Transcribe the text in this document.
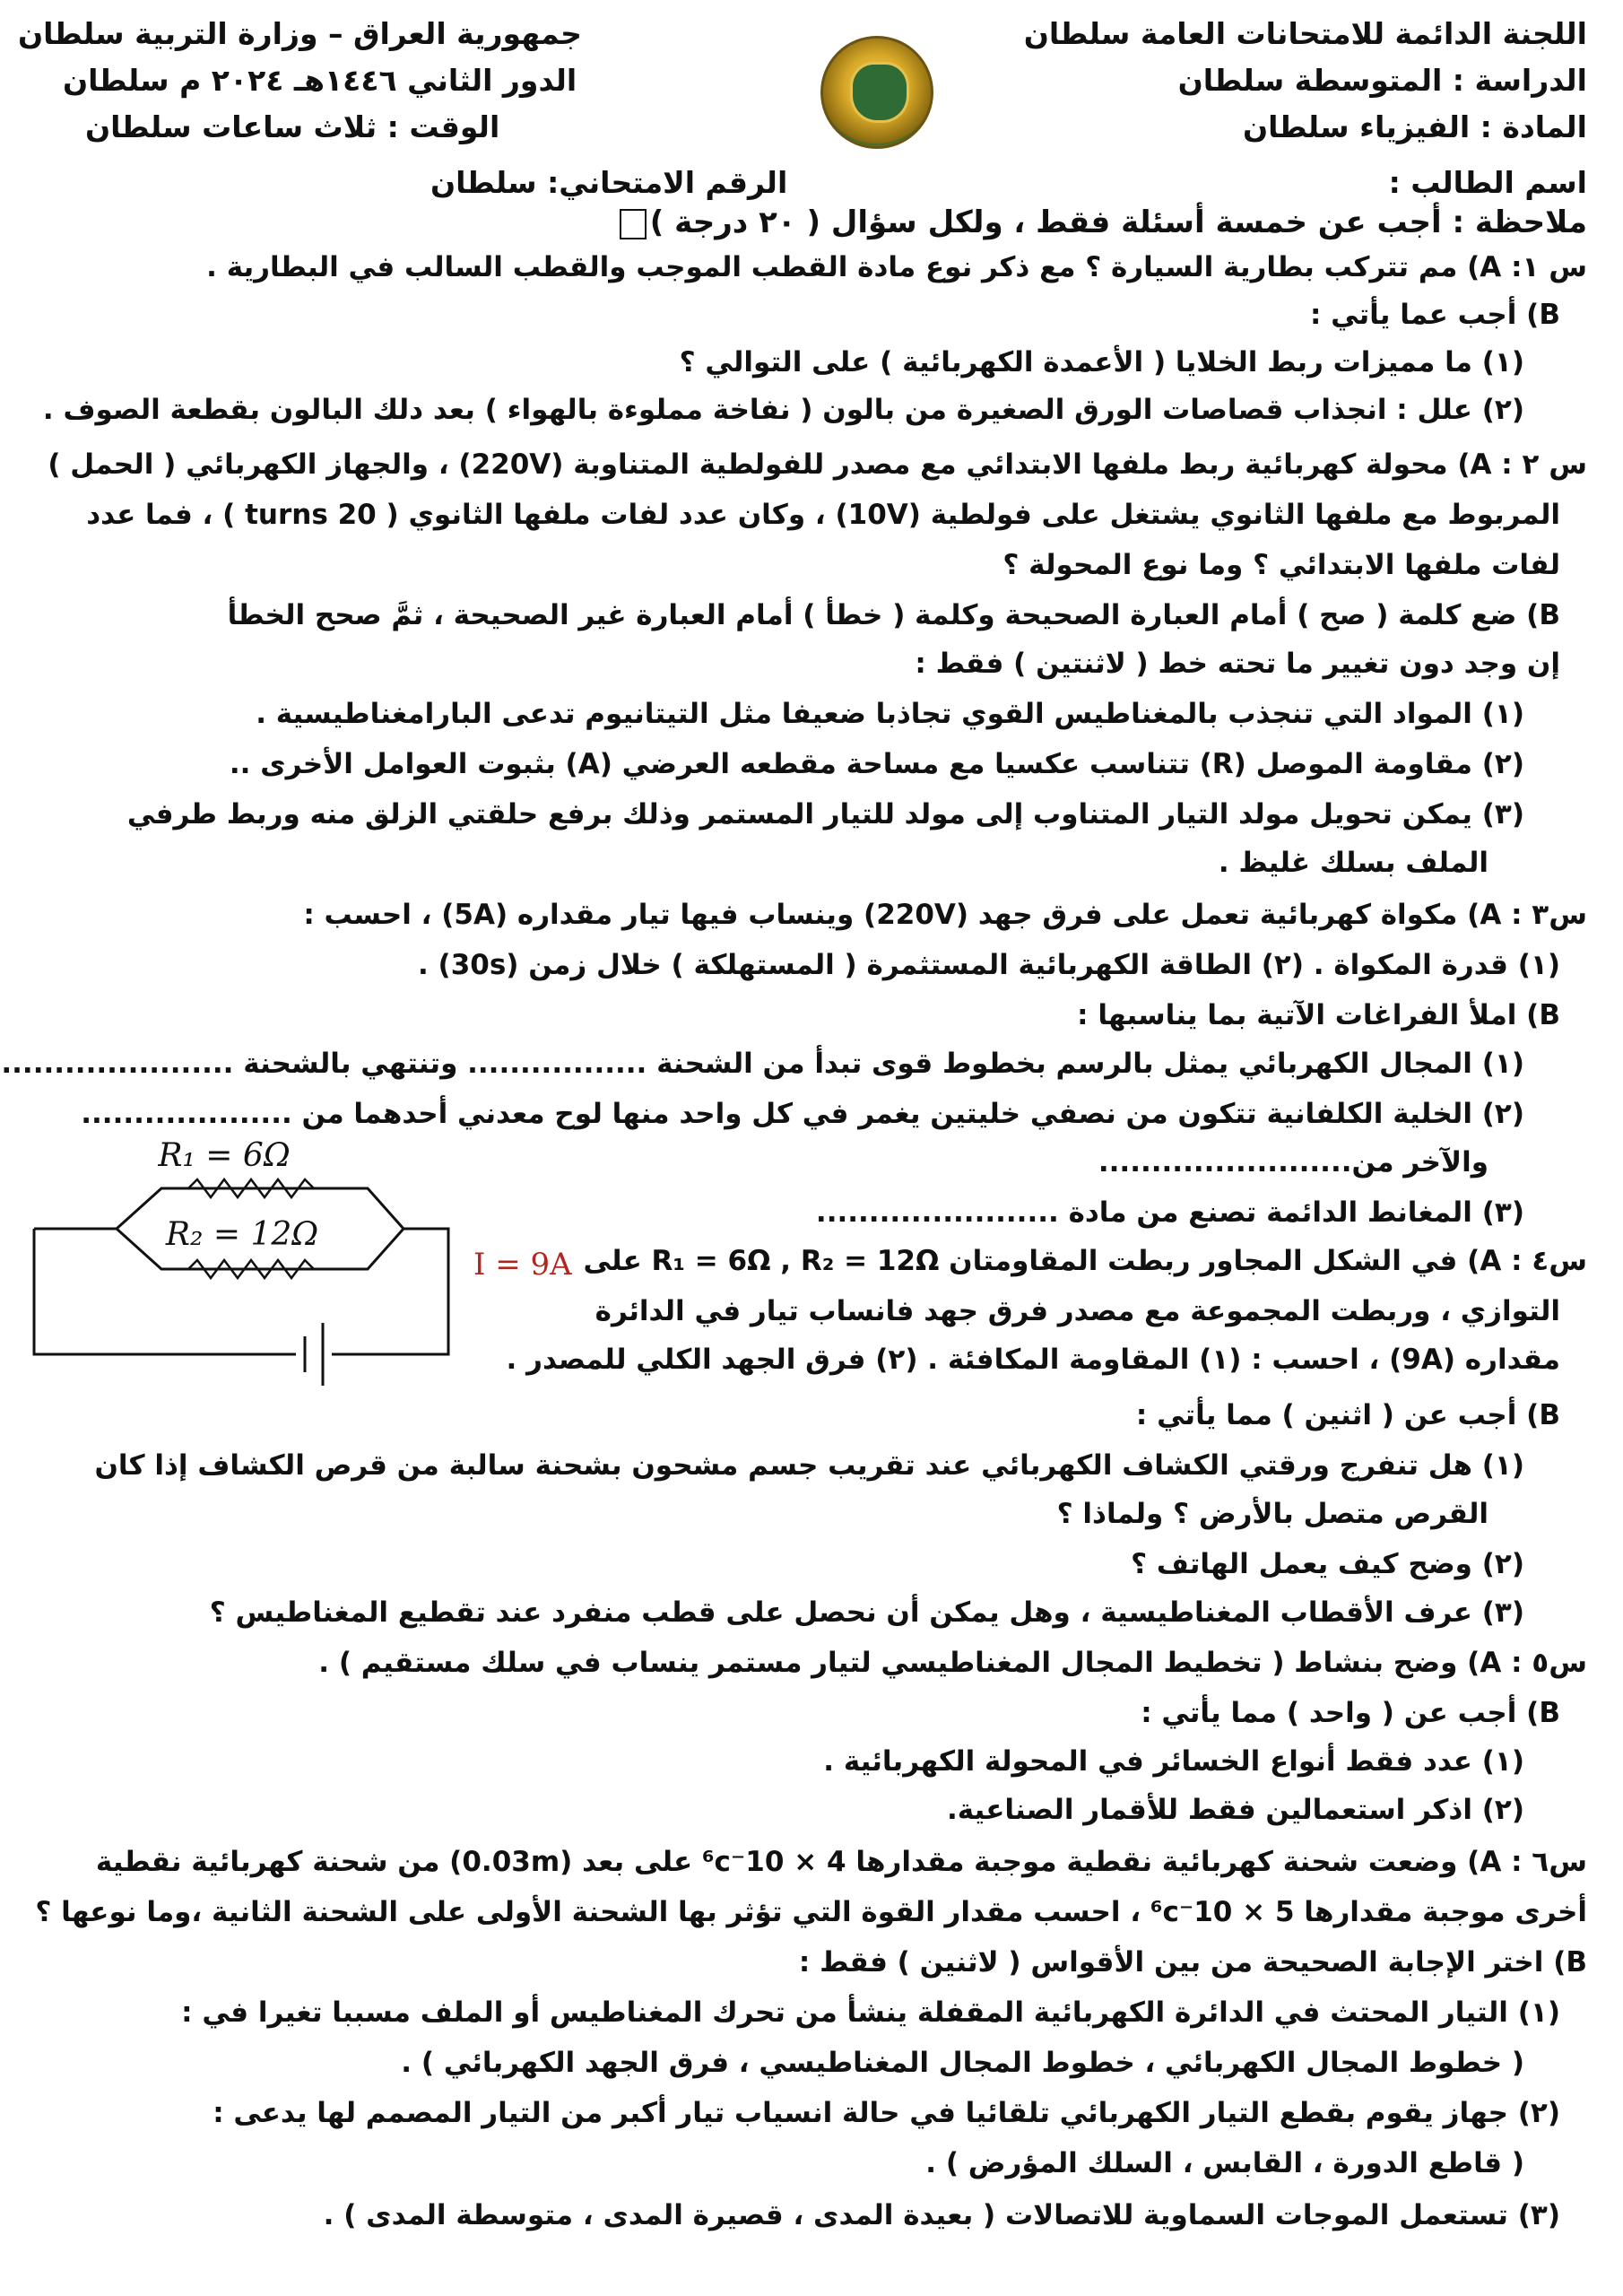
اللجنة الدائمة للامتحانات العامة سلطان
الدراسة : المتوسطة سلطان
المادة : الفيزياء سلطان
جمهورية العراق – وزارة التربية سلطان
الدور الثاني ١٤٤٦هـ ٢٠٢٤ م سلطان
الوقت : ثلاث ساعات سلطان
اسم الطالب :
الرقم الامتحاني: سلطان
ملاحظة : أجب عن خمسة أسئلة فقط ، ولكل سؤال ( ٢٠ درجة )
س ١: A) مم تتركب بطارية السيارة ؟ مع ذكر نوع مادة القطب الموجب والقطب السالب في البطارية .
B) أجب عما يأتي :
(١) ما مميزات ربط الخلايا ( الأعمدة الكهربائية ) على التوالي ؟
(٢) علل : انجذاب قصاصات الورق الصغيرة من بالون ( نفاخة مملوءة بالهواء ) بعد دلك البالون بقطعة الصوف .
س ٢ : A) محولة كهربائية ربط ملفها الابتدائي مع مصدر للفولطية المتناوبة (220V) ، والجهاز الكهربائي ( الحمل )
المربوط مع ملفها الثانوي يشتغل على فولطية (10V) ، وكان عدد لفات ملفها الثانوي ( 20 turns ) ، فما عدد
لفات ملفها الابتدائي ؟ وما نوع المحولة ؟
B) ضع كلمة ( صح ) أمام العبارة الصحيحة وكلمة ( خطأ ) أمام العبارة غير الصحيحة ، ثمَّ صحح الخطأ
إن وجد دون تغيير ما تحته خط ( لاثنتين ) فقط :
(١) المواد التي تنجذب بالمغناطيس القوي تجاذبا ضعيفا مثل التيتانيوم تدعى البارامغناطيسية .
(٢) مقاومة الموصل (R) تتناسب عكسيا مع مساحة مقطعه العرضي (A) بثبوت العوامل الأخرى ..
(٣) يمكن تحويل مولد التيار المتناوب إلى مولد للتيار المستمر وذلك برفع حلقتي الزلق منه وربط طرفي
الملف بسلك غليظ .
س٣ : A) مكواة كهربائية تعمل على فرق جهد (220V) وينساب فيها تيار مقداره (5A) ، احسب :
(١) قدرة المكواة . (٢) الطاقة الكهربائية المستثمرة ( المستهلكة ) خلال زمن (30s) .
B) املأ الفراغات الآتية بما يناسبها :
(١) المجال الكهربائي يمثل بالرسم بخطوط قوى تبدأ من الشحنة ................. وتنتهي بالشحنة ......................
(٢) الخلية الكلفانية تتكون من نصفي خليتين يغمر في كل واحد منها لوح معدني أحدهما من ....................
والآخر من........................
(٣) المغانط الدائمة تصنع من مادة .......................
R₁ = 6Ω
R₂ = 12Ω
I = 9A س٤ : A) في الشكل المجاور ربطت المقاومتان R₁ = 6Ω , R₂ = 12Ω على
التوازي ، وربطت المجموعة مع مصدر فرق جهد فانساب تيار في الدائرة
مقداره (9A) ، احسب : (١) المقاومة المكافئة . (٢) فرق الجهد الكلي للمصدر .
B) أجب عن ( اثنين ) مما يأتي :
(١) هل تنفرج ورقتي الكشاف الكهربائي عند تقريب جسم مشحون بشحنة سالبة من قرص الكشاف إذا كان
القرص متصل بالأرض ؟ ولماذا ؟
(٢) وضح كيف يعمل الهاتف ؟
(٣) عرف الأقطاب المغناطيسية ، وهل يمكن أن نحصل على قطب منفرد عند تقطيع المغناطيس ؟
س٥ : A) وضح بنشاط ( تخطيط المجال المغناطيسي لتيار مستمر ينساب في سلك مستقيم ) .
B) أجب عن ( واحد ) مما يأتي :
(١) عدد فقط أنواع الخسائر في المحولة الكهربائية .
(٢) اذكر استعمالين فقط للأقمار الصناعية.
س٦ : A) وضعت شحنة كهربائية نقطية موجبة مقدارها 4 × 10⁻⁶c على بعد (0.03m) من شحنة كهربائية نقطية
أخرى موجبة مقدارها 5 × 10⁻⁶c ، احسب مقدار القوة التي تؤثر بها الشحنة الأولى على الشحنة الثانية ،وما نوعها ؟
B) اختر الإجابة الصحيحة من بين الأقواس ( لاثنين ) فقط :
(١) التيار المحتث في الدائرة الكهربائية المقفلة ينشأ من تحرك المغناطيس أو الملف مسببا تغيرا في :
( خطوط المجال الكهربائي ، خطوط المجال المغناطيسي ، فرق الجهد الكهربائي ) .
(٢) جهاز يقوم بقطع التيار الكهربائي تلقائيا في حالة انسياب تيار أكبر من التيار المصمم لها يدعى :
( قاطع الدورة ، القابس ، السلك المؤرض ) .
(٣) تستعمل الموجات السماوية للاتصالات ( بعيدة المدى ، قصيرة المدى ، متوسطة المدى ) .
